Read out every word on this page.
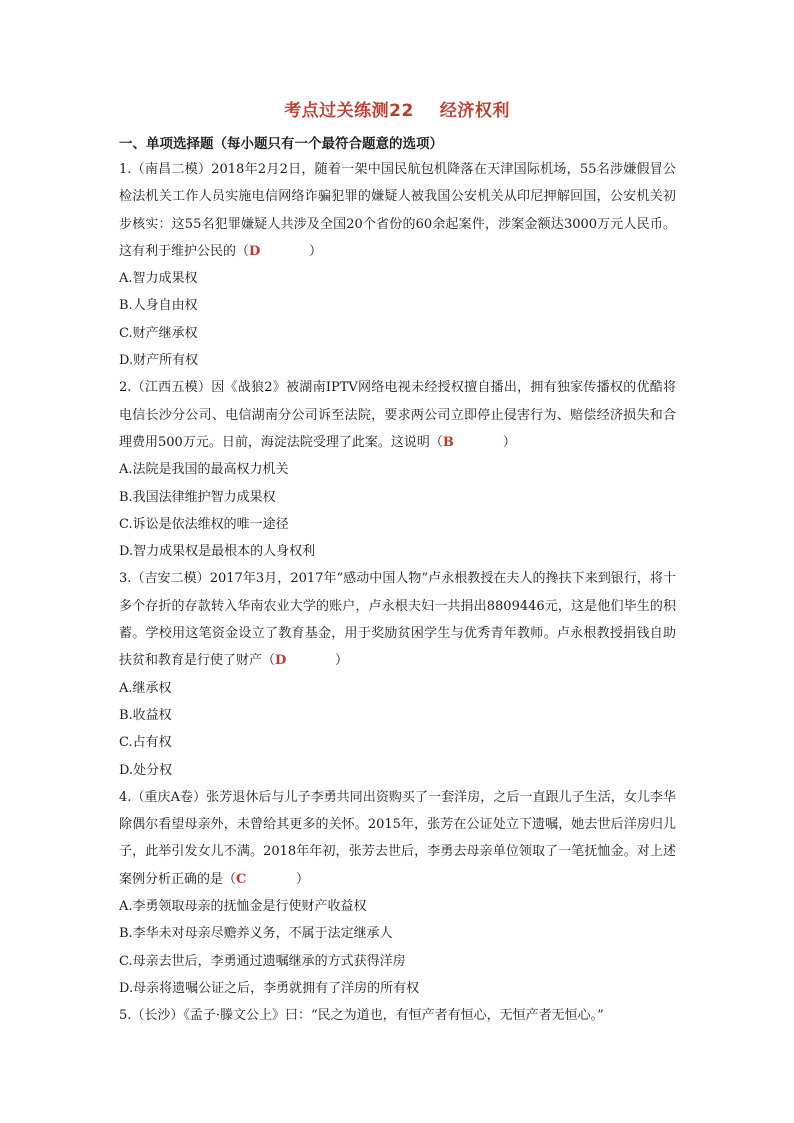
考点过关练测22 经济权利
一、单项选择题（每小题只有一个最符合题意的选项）

1.（南昌二模）2018年2月2日，随着一架中国民航包机降落在天津国际机场，55名涉嫌假冒公检法机关工作人员实施电信网络诈骗犯罪的嫌疑人被我国公安机关从印尼押解回国，公安机关初步核实：这55名犯罪嫌疑人共涉及全国20个省份的60余起案件，涉案金额达3000万元人民币。这有利于维护公民的（D	）

A.智力成果权

B.人身自由权

C.财产继承权

D.财产所有权

2.（江西五模）因《战狼2》被湖南IPTV网络电视未经授权擅自播出，拥有独家传播权的优酷将电信长沙分公司、电信湖南分公司诉至法院，要求两公司立即停止侵害行为、赔偿经济损失和合理费用500万元。日前，海淀法院受理了此案。这说明（B	）

A.法院是我国的最高权力机关

B.我国法律维护智力成果权

C.诉讼是依法维权的唯一途径

D.智力成果权是最根本的人身权利

3.（吉安二模）2017年3月，2017年“感动中国人物”卢永根教授在夫人的搀扶下来到银行，将十多个存折的存款转入华南农业大学的账户，卢永根夫妇一共捐出8809446元，这是他们毕生的积蓄。学校用这笔资金设立了教育基金，用于奖励贫困学生与优秀青年教师。卢永根教授捐钱自助扶贫和教育是行使了财产（D	）

A.继承权

B.收益权

C.占有权

D.处分权

4.（重庆A卷）张芳退休后与儿子李勇共同出资购买了一套洋房，之后一直跟儿子生活，女儿李华除偶尔看望母亲外，未曾给其更多的关怀。2015年，张芳在公证处立下遗嘱，她去世后洋房归儿子，此举引发女儿不满。2018年年初，张芳去世后，李勇去母亲单位领取了一笔抚恤金。对上述案例分析正确的是（C	）

A.李勇领取母亲的抚恤金是行使财产收益权

B.李华未对母亲尽赡养义务，不属于法定继承人

C.母亲去世后，李勇通过遗嘱继承的方式获得洋房

D.母亲将遗嘱公证之后，李勇就拥有了洋房的所有权

5.（长沙）《孟子·滕文公上》曰：“民之为道也，有恒产者有恒心，无恒产者无恒心。”
